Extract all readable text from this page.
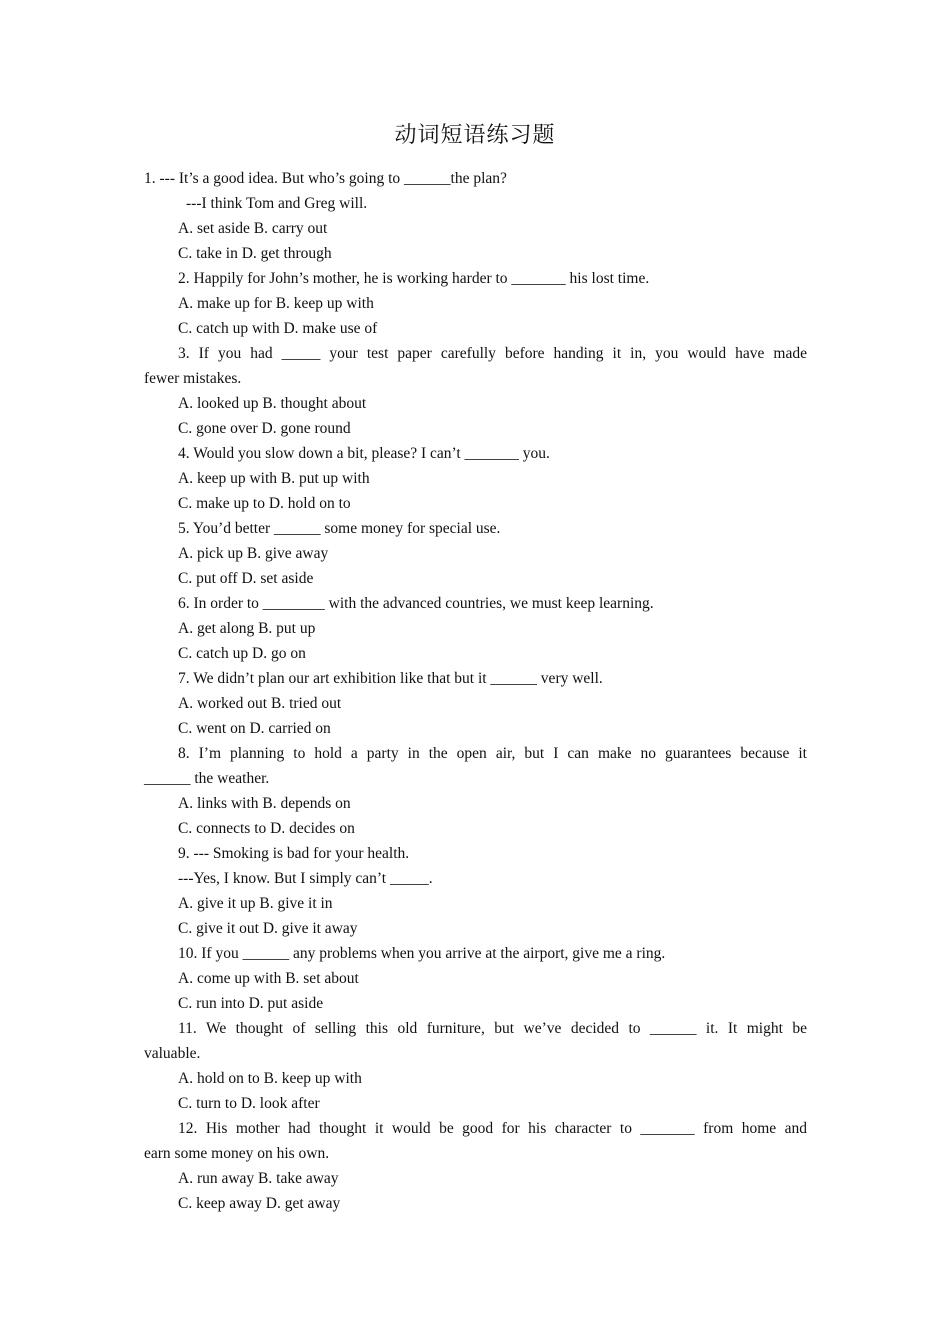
动词短语练习题
1. --- It’s a good idea. But who’s going to ______the plan?
---I think Tom and Greg will.
A. set aside B. carry out
C. take in D. get through
2. Happily for John’s mother, he is working harder to _______ his lost time.
A. make up for B. keep up with
C. catch up with D. make use of
3. If you had _____ your test paper carefully before handing it in, you would have made
fewer mistakes.
A. looked up B. thought about
C. gone over D. gone round
4. Would you slow down a bit, please? I can’t _______ you.
A. keep up with B. put up with
C. make up to D. hold on to
5. You’d better ______ some money for special use.
A. pick up B. give away
C. put off D. set aside
6. In order to ________ with the advanced countries, we must keep learning.
A. get along B. put up
C. catch up D. go on
7. We didn’t plan our art exhibition like that but it ______ very well.
A. worked out B. tried out
C. went on D. carried on
8. I’m planning to hold a party in the open air, but I can make no guarantees because it
______ the weather.
A. links with B. depends on
C. connects to D. decides on
9. --- Smoking is bad for your health.
---Yes, I know. But I simply can’t _____.
A. give it up B. give it in
C. give it out D. give it away
10. If you ______ any problems when you arrive at the airport, give me a ring.
A. come up with B. set about
C. run into D. put aside
11. We thought of selling this old furniture, but we’ve decided to ______ it. It might be
valuable.
A. hold on to B. keep up with
C. turn to D. look after
12. His mother had thought it would be good for his character to _______ from home and
earn some money on his own.
A. run away B. take away
C. keep away D. get away
